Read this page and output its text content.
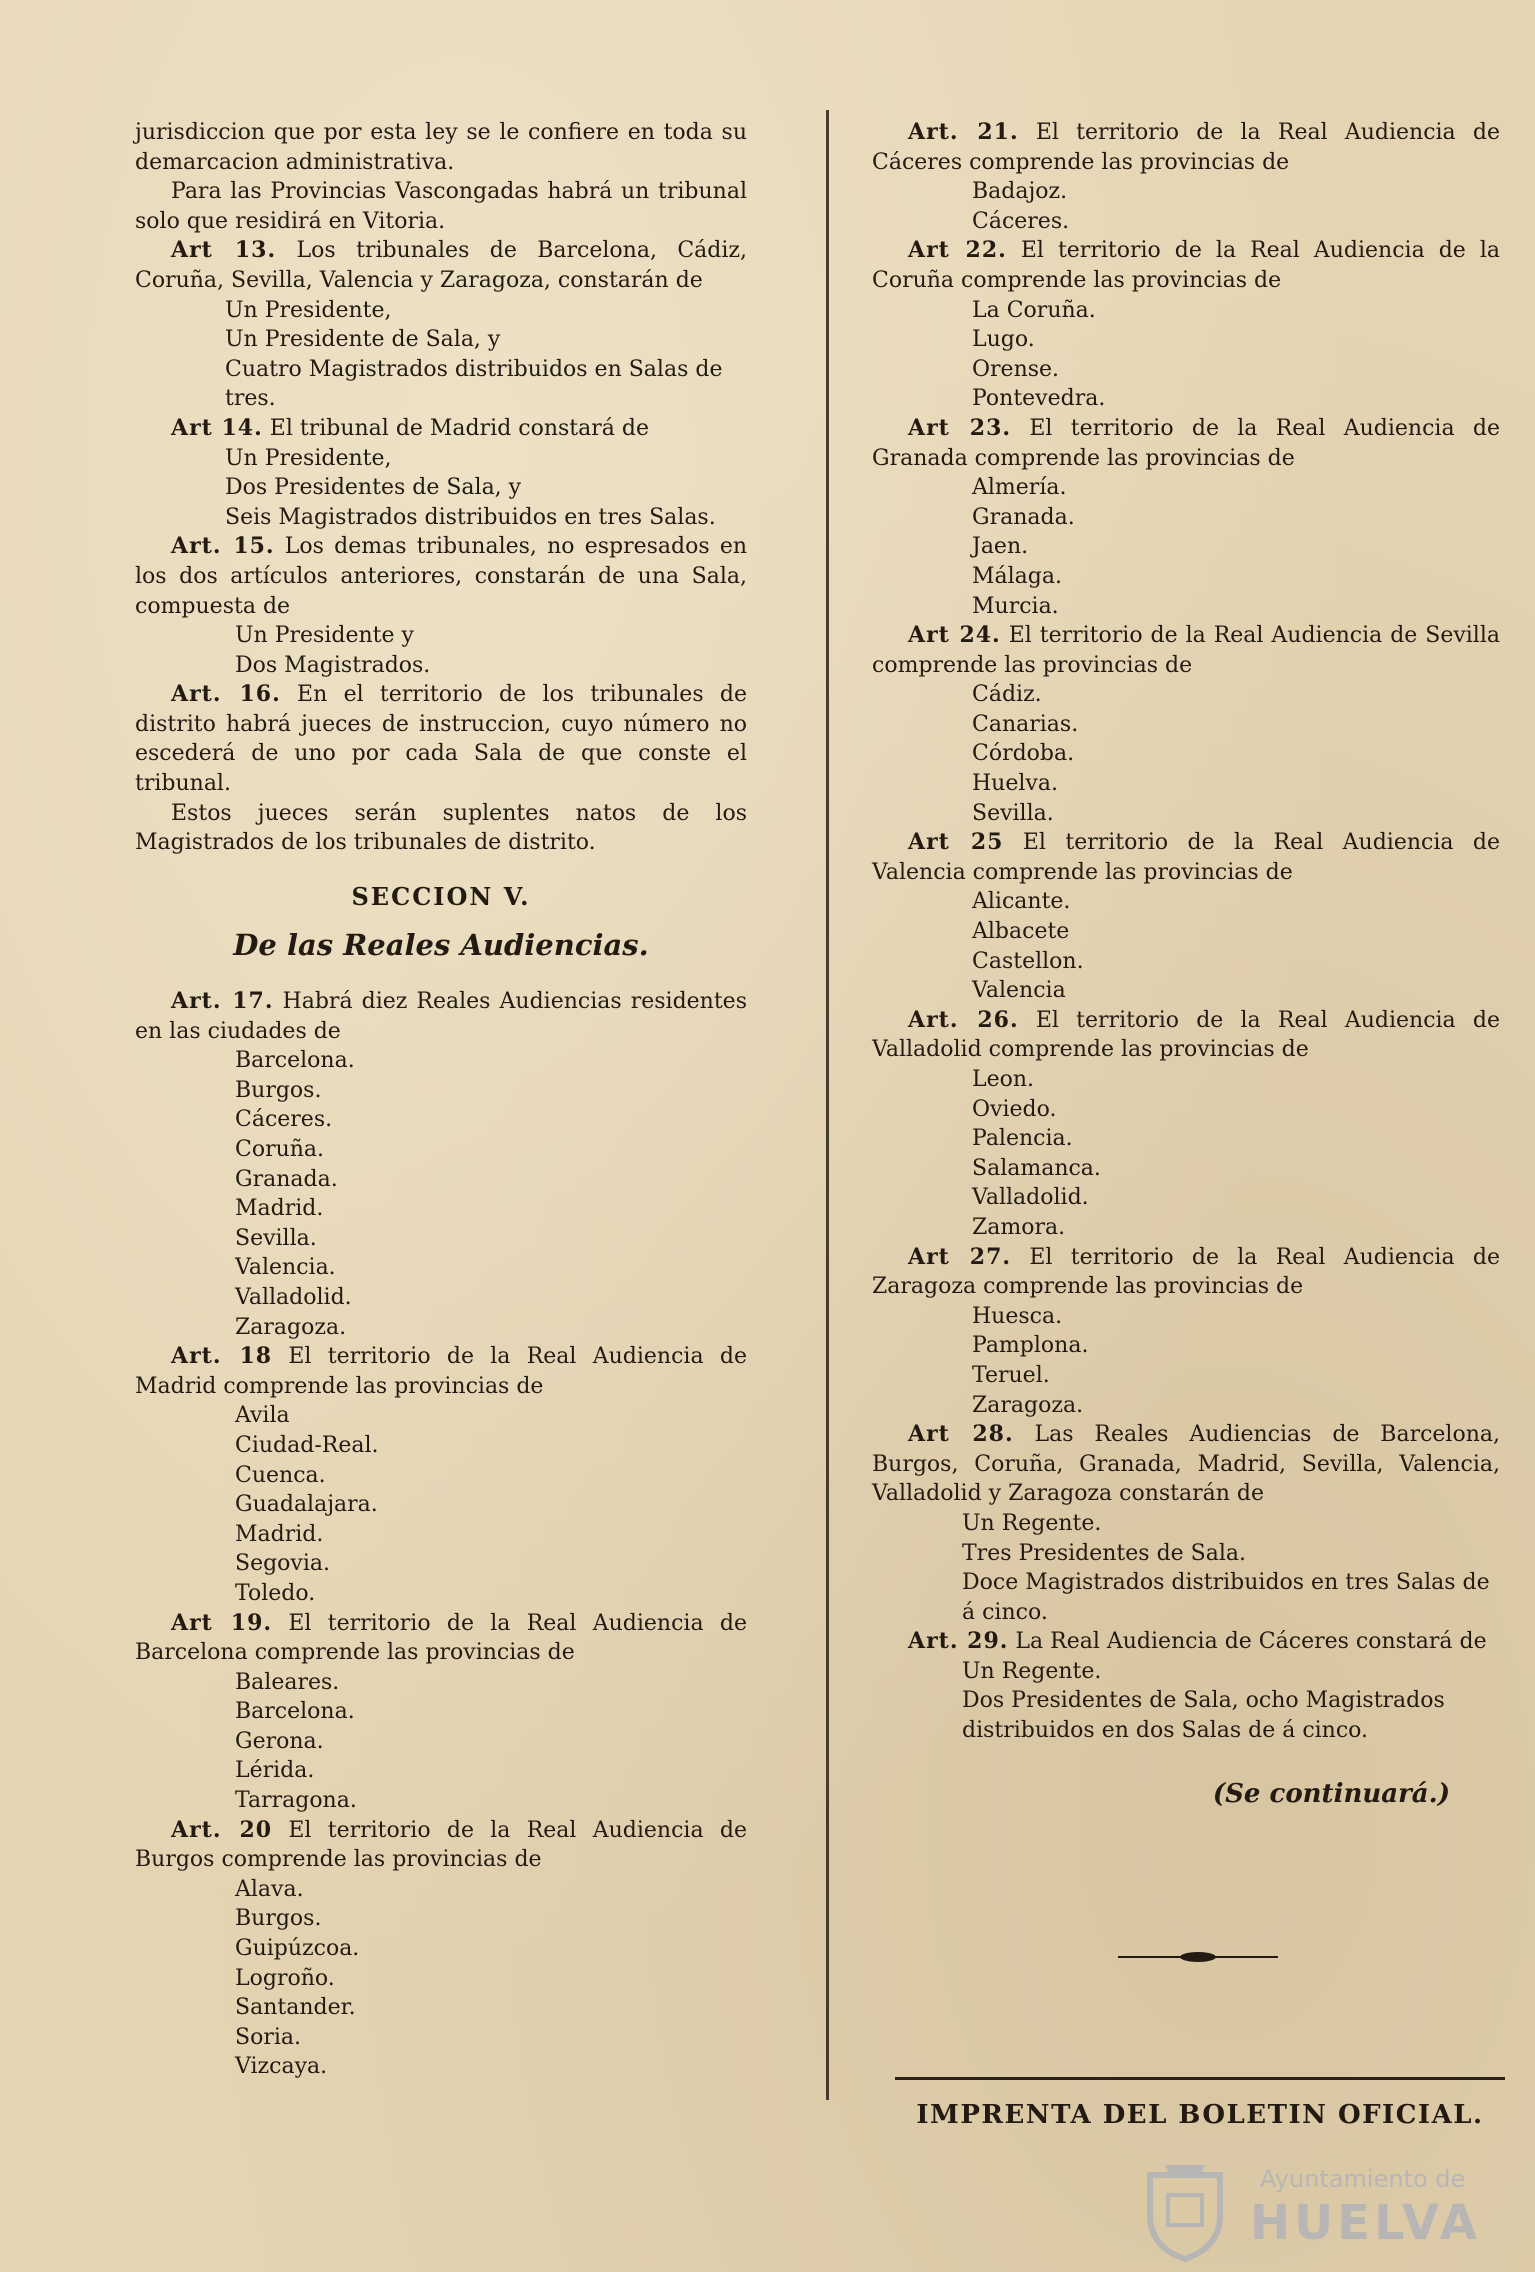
jurisdiccion que por esta ley se le confiere en toda su demarcacion administrativa.

Para las Provincias Vascongadas habrá un tribunal solo que residirá en Vitoria.

Art 13. Los tribunales de Barcelona, Cádiz, Coruña, Sevilla, Valencia y Zaragoza, constarán de

Un Presidente,
Un Presidente de Sala, y
Cuatro Magistrados distribuidos en Salas de tres.

Art 14. El tribunal de Madrid constará de

Un Presidente,
Dos Presidentes de Sala, y
Seis Magistrados distribuidos en tres Salas.

Art. 15. Los demas tribunales, no espresados en los dos artículos anteriores, constarán de una Sala, compuesta de

Un Presidente y
Dos Magistrados.

Art. 16. En el territorio de los tribunales de distrito habrá jueces de instruccion, cuyo número no escederá de uno por cada Sala de que conste el tribunal.

Estos jueces serán suplentes natos de los Magistrados de los tribunales de distrito.

SECCION V.
De las Reales Audiencias.

Art. 17. Habrá diez Reales Audiencias residentes en las ciudades de

Barcelona.
Burgos.
Cáceres.
Coruña.
Granada.
Madrid.
Sevilla.
Valencia.
Valladolid.
Zaragoza.

Art. 18 El territorio de la Real Audiencia de Madrid comprende las provincias de

Avila
Ciudad-Real.
Cuenca.
Guadalajara.
Madrid.
Segovia.
Toledo.

Art 19. El territorio de la Real Audiencia de Barcelona comprende las provincias de

Baleares.
Barcelona.
Gerona.
Lérida.
Tarragona.

Art. 20 El territorio de la Real Audiencia de Burgos comprende las provincias de

Alava.
Burgos.
Guipúzcoa.
Logroño.
Santander.
Soria.
Vizcaya.

Art. 21. El territorio de la Real Audiencia de Cáceres comprende las provincias de

Badajoz.
Cáceres.

Art 22. El territorio de la Real Audiencia de la Coruña comprende las provincias de

La Coruña.
Lugo.
Orense.
Pontevedra.

Art 23. El territorio de la Real Audiencia de Granada comprende las provincias de

Almería.
Granada.
Jaen.
Málaga.
Murcia.

Art 24. El territorio de la Real Audiencia de Sevilla comprende las provincias de

Cádiz.
Canarias.
Córdoba.
Huelva.
Sevilla.

Art 25 El territorio de la Real Audiencia de Valencia comprende las provincias de

Alicante.
Albacete
Castellon.
Valencia

Art. 26. El territorio de la Real Audiencia de Valladolid comprende las provincias de

Leon.
Oviedo.
Palencia.
Salamanca.
Valladolid.
Zamora.

Art 27. El territorio de la Real Audiencia de Zaragoza comprende las provincias de

Huesca.
Pamplona.
Teruel.
Zaragoza.

Art 28. Las Reales Audiencias de Barcelona, Burgos, Coruña, Granada, Madrid, Sevilla, Valencia, Valladolid y Zaragoza constarán de

Un Regente.
Tres Presidentes de Sala.
Doce Magistrados distribuidos en tres Salas de á cinco.

Art. 29. La Real Audiencia de Cáceres constará de

Un Regente.
Dos Presidentes de Sala, ocho Magistrados distribuidos en dos Salas de á cinco.
(Se continuará.)
IMPRENTA DEL BOLETIN OFICIAL.
Ayuntamiento de
HUELVA
